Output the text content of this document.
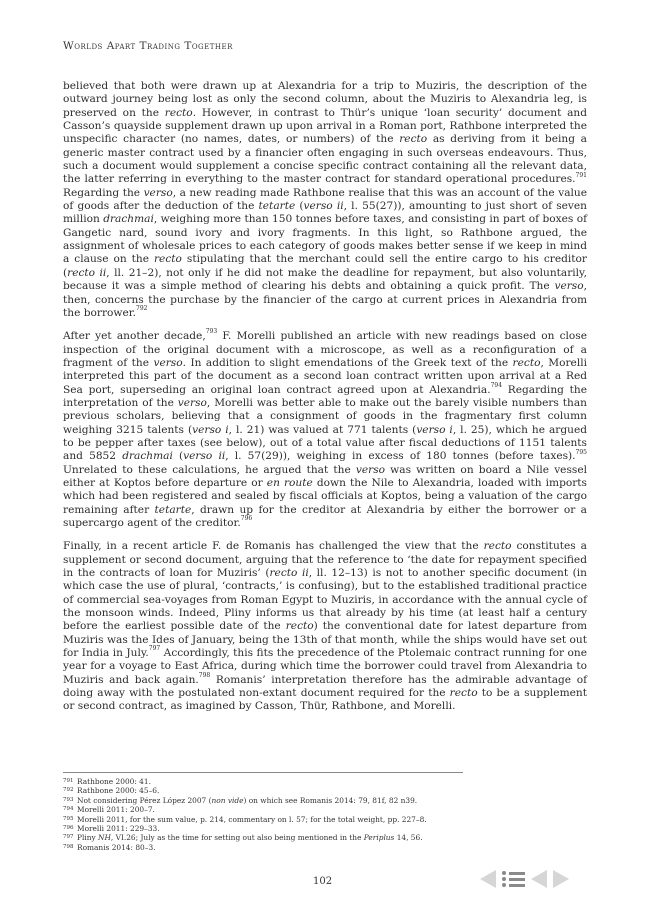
Worlds Apart Trading Together

believed that both were drawn up at Alexandria for a trip to Muziris, the description of the outward journey being lost as only the second column, about the Muziris to Alexandria leg, is preserved on the recto. However, in contrast to Thür’s unique ‘loan security’ document and Casson’s quayside supplement drawn up upon arrival in a Roman port, Rathbone interpreted the unspecific character (no names, dates, or numbers) of the recto as deriving from it being a generic master contract used by a financier often engaging in such overseas endeavours. Thus, such a document would supplement a concise specific contract containing all the relevant data, the latter referring in everything to the master contract for standard operational procedures.$^{791}$ Regarding the verso, a new reading made Rathbone realise that this was an account of the value of goods after the deduction of the tetarte (verso ii, l. 55(27)), amounting to just short of seven million drachmai, weighing more than 150 tonnes before taxes, and consisting in part of boxes of Gangetic nard, sound ivory and ivory fragments. In this light, so Rathbone argued, the assignment of wholesale prices to each category of goods makes better sense if we keep in mind a clause on the recto stipulating that the merchant could sell the entire cargo to his creditor (recto ii, ll. 21–2), not only if he did not make the deadline for repayment, but also voluntarily, because it was a simple method of clearing his debts and obtaining a quick profit. The verso, then, concerns the purchase by the financier of the cargo at current prices in Alexandria from the borrower.$^{792}$

After yet another decade,$^{793}$ F. Morelli published an article with new readings based on close inspection of the original document with a microscope, as well as a reconfiguration of a fragment of the verso. In addition to slight emendations of the Greek text of the recto, Morelli interpreted this part of the document as a second loan contract written upon arrival at a Red Sea port, superseding an original loan contract agreed upon at Alexandria.$^{794}$ Regarding the interpretation of the verso, Morelli was better able to make out the barely visible numbers than previous scholars, believing that a consignment of goods in the fragmentary first column weighing 3215 talents (verso i, l. 21) was valued at 771 talents (verso i, l. 25), which he argued to be pepper after taxes (see below), out of a total value after fiscal deductions of 1151 talents and 5852 drachmai (verso ii, l. 57(29)), weighing in excess of 180 tonnes (before taxes).$^{795}$ Unrelated to these calculations, he argued that the verso was written on board a Nile vessel either at Koptos before departure or en route down the Nile to Alexandria, loaded with imports which had been registered and sealed by fiscal officials at Koptos, being a valuation of the cargo remaining after tetarte, drawn up for the creditor at Alexandria by either the borrower or a supercargo agent of the creditor.$^{796}$

Finally, in a recent article F. de Romanis has challenged the view that the recto constitutes a supplement or second document, arguing that the reference to ‘the date for repayment specified in the contracts of loan for Muziris’ (recto ii, ll. 12–13) is not to another specific document (in which case the use of plural, ‘contracts,’ is confusing), but to the established traditional practice of commercial sea-voyages from Roman Egypt to Muziris, in accordance with the annual cycle of the monsoon winds. Indeed, Pliny informs us that already by his time (at least half a century before the earliest possible date of the recto) the conventional date for latest departure from Muziris was the Ides of January, being the 13th of that month, while the ships would have set out for India in July.$^{797}$ Accordingly, this fits the precedence of the Ptolemaic contract running for one year for a voyage to East Africa, during which time the borrower could travel from Alexandria to Muziris and back again.$^{798}$ Romanis’ interpretation therefore has the admirable advantage of doing away with the postulated non-extant document required for the recto to be a supplement or second contract, as imagined by Casson, Thür, Rathbone, and Morelli.

791 Rathbone 2000: 41.
792 Rathbone 2000: 45–6.
793 Not considering Pérez López 2007 (non vide) on which see Romanis 2014: 79, 81f, 82 n39.
794 Morelli 2011: 200–7.
795 Morelli 2011, for the sum value, p. 214, commentary on l. 57; for the total weight, pp. 227–8.
796 Morelli 2011: 229–33.
797 Pliny NH, VI.26; July as the time for setting out also being mentioned in the Periplus 14, 56.
798 Romanis 2014: 80–3.
102
